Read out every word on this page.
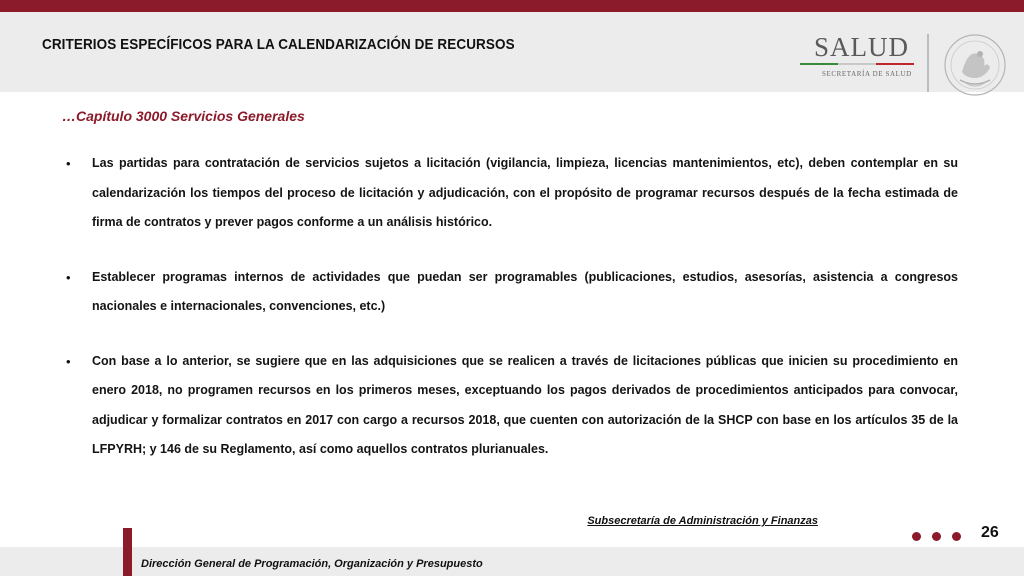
CRITERIOS ESPECÍFICOS PARA LA CALENDARIZACIÓN DE RECURSOS	SALUD
SECRETARÍA DE SALUD
…Capítulo 3000 Servicios Generales
• Las partidas para contratación de servicios sujetos a licitación (vigilancia, limpieza, licencias mantenimientos, etc), deben contemplar en su calendarización los tiempos del proceso de licitación y adjudicación, con el propósito de programar recursos después de la fecha estimada de firma de contratos y prever pagos conforme a un análisis histórico.
• Establecer programas internos de actividades que puedan ser programables (publicaciones, estudios, asesorías, asistencia a congresos nacionales e internacionales, convenciones, etc.)
• Con base a lo anterior, se sugiere que en las adquisiciones que se realicen a través de licitaciones públicas que inicien su procedimiento en enero 2018, no programen recursos en los primeros meses, exceptuando los pagos derivados de procedimientos anticipados para convocar, adjudicar y formalizar contratos en 2017 con cargo a recursos 2018, que cuenten con autorización de la SHCP con base en los artículos 35 de la LFPYRH; y 146 de su Reglamento, así como aquellos contratos plurianuales.
Subsecretaría de Administración y Finanzas
Dirección General de Programación, Organización y Presupuesto
26
